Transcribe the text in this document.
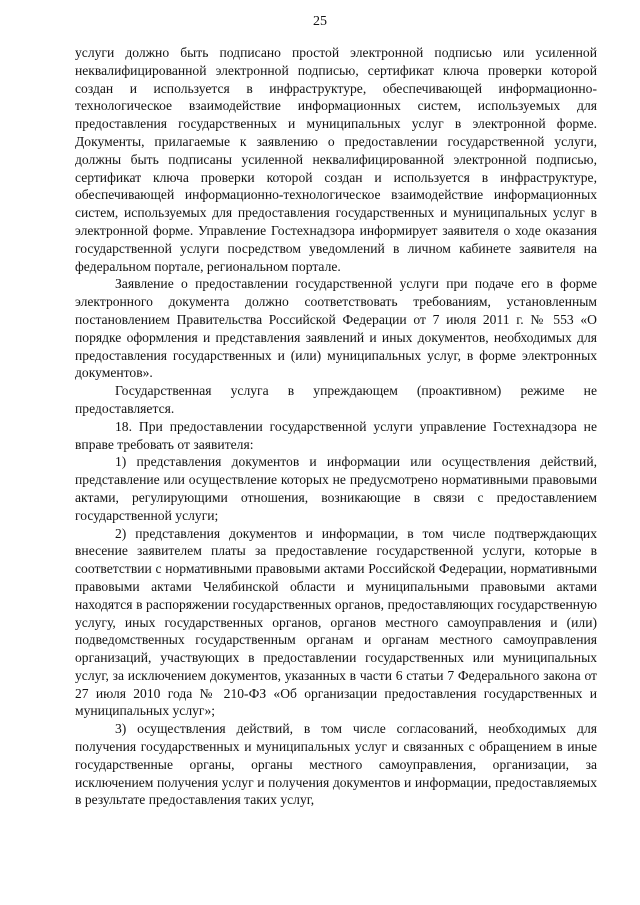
25

услуги должно быть подписано простой электронной подписью или усиленной неквалифицированной электронной подписью, сертификат ключа проверки которой создан и используется в инфраструктуре, обеспечивающей информационно-технологическое взаимодействие информационных систем, используемых для предоставления государственных и муниципальных услуг в электронной форме. Документы, прилагаемые к заявлению о предоставлении государственной услуги, должны быть подписаны усиленной неквалифицированной электронной подписью, сертификат ключа проверки которой создан и используется в инфраструктуре, обеспечивающей информационно-технологическое взаимодействие информационных систем, используемых для предоставления государственных и муниципальных услуг в электронной форме. Управление Гостехнадзора информирует заявителя о ходе оказания государственной услуги посредством уведомлений в личном кабинете заявителя на федеральном портале, региональном портале.

Заявление о предоставлении государственной услуги при подаче его в форме электронного документа должно соответствовать требованиям, установленным постановлением Правительства Российской Федерации от 7 июля 2011 г. № 553 «О порядке оформления и представления заявлений и иных документов, необходимых для предоставления государственных и (или) муниципальных услуг, в форме электронных документов».

Государственная услуга в упреждающем (проактивном) режиме не предоставляется.

18. При предоставлении государственной услуги управление Гостехнадзора не вправе требовать от заявителя:

1) представления документов и информации или осуществления действий, представление или осуществление которых не предусмотрено нормативными правовыми актами, регулирующими отношения, возникающие в связи с предоставлением государственной услуги;

2) представления документов и информации, в том числе подтверждающих внесение заявителем платы за предоставление государственной услуги, которые в соответствии с нормативными правовыми актами Российской Федерации, нормативными правовыми актами Челябинской области и муниципальными правовыми актами находятся в распоряжении государственных органов, предоставляющих государственную услугу, иных государственных органов, органов местного самоуправления и (или) подведомственных государственным органам и органам местного самоуправления организаций, участвующих в предоставлении государственных или муниципальных услуг, за исключением документов, указанных в части 6 статьи 7 Федерального закона от 27 июля 2010 года № 210-ФЗ «Об организации предоставления государственных и муниципальных услуг»;

3) осуществления действий, в том числе согласований, необходимых для получения государственных и муниципальных услуг и связанных с обращением в иные государственные органы, органы местного самоуправления, организации, за исключением получения услуг и получения документов и информации, предоставляемых в результате предоставления таких услуг,
